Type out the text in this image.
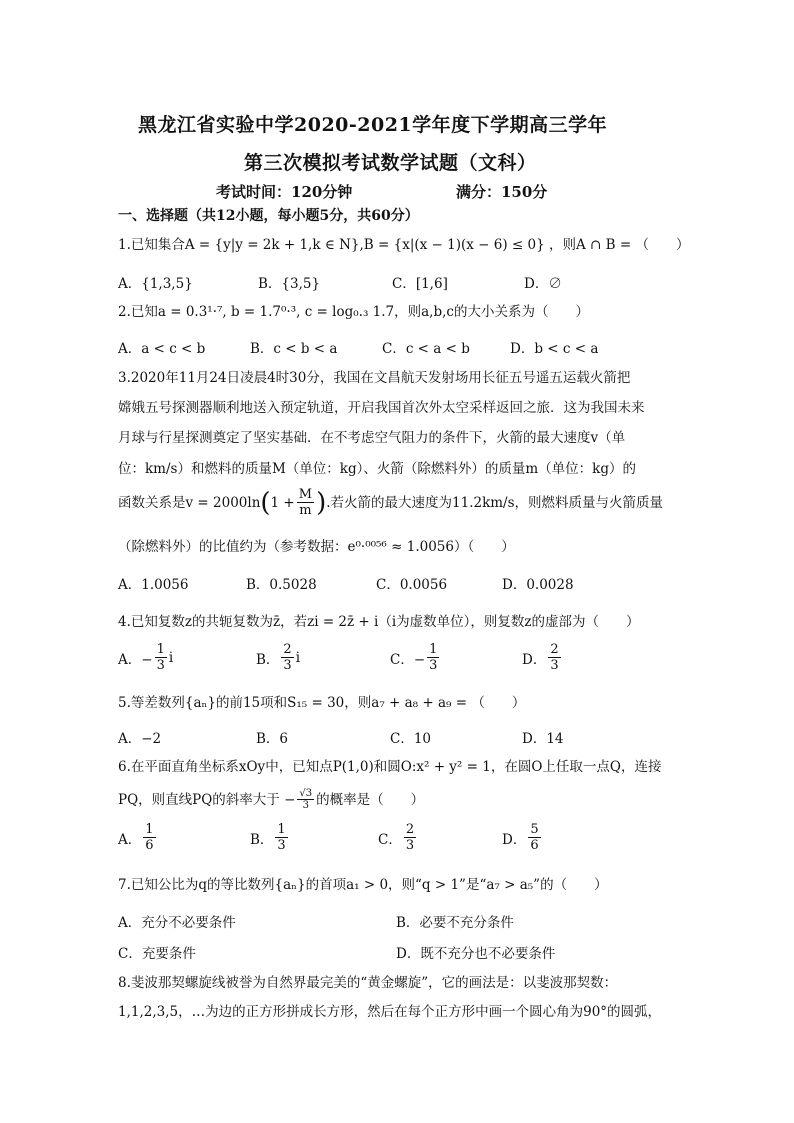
黑龙江省实验中学2020-2021学年度下学期高三学年
第三次模拟考试数学试题（文科）
考试时间：120分钟	满分：150分
一、选择题（共12小题，每小题5分，共60分）
1.已知集合A = {y|y = 2k + 1,k ∈ N},B = {x|(x − 1)(x − 6) ≤ 0} ，则A ∩ B = （　　）
A．{1,3,5}	B．{3,5}	C．[1,6]	D．∅
2.已知a = 0.3¹·⁷, b = 1.7⁰·³, c = log₀.₃ 1.7，则a,b,c的大小关系为（　　）
A．a < c < b	B．c < b < a	C．c < a < b	D．b < c < a
3.2020年11月24日凌晨4时30分，我国在文昌航天发射场用长征五号遥五运载火箭把
嫦娥五号探测器顺利地送入预定轨道，开启我国首次外太空采样返回之旅．这为我国未来
月球与行星探测奠定了坚实基础．在不考虑空气阻力的条件下，火箭的最大速度v（单
位：km/s）和燃料的质量M（单位：kg）、火箭（除燃料外）的质量m（单位：kg）的
函数关系是v = 2000ln ( $1 + \frac{M}{m}$ ) .若火箭的最大速度为11.2km/s，则燃料质量与火箭质量
（除燃料外）的比值约为（参考数据：e⁰·⁰⁰⁵⁶ ≈ 1.0056）（　　）
A．1.0056	B．0.5028	C．0.0056	D．0.0028
4.已知复数z的共轭复数为z̄，若zi = 2z̄ + i（i为虚数单位），则复数z的虚部为（　　）
A．− $\frac{1}{3}$ i	B． $\frac{2}{3}$ i	C．− $\frac{1}{3}$	D． $\frac{2}{3}$
5.等差数列{aₙ}的前15项和S₁₅ = 30，则a₇ + a₈ + a₉ = （　　）
A．−2	B．6	C．10	D．14
6.在平面直角坐标系xOy中，已知点P(1,0)和圆O:x² + y² = 1，在圆O上任取一点Q，连接
PQ，则直线PQ的斜率大于 − $\frac{√3}{3}$ 的概率是（　　）
A． $\frac{1}{6}$	B． $\frac{1}{3}$	C． $\frac{2}{3}$	D． $\frac{5}{6}$
7.已知公比为q的等比数列{aₙ}的首项a₁ > 0，则“q > 1”是“a₇ > a₅”的（　　）
A．充分不必要条件	B．必要不充分条件
C．充要条件	D．既不充分也不必要条件
8.斐波那契螺旋线被誉为自然界最完美的“黄金螺旋”，它的画法是：以斐波那契数：
1,1,2,3,5，…为边的正方形拼成长方形，然后在每个正方形中画一个圆心角为90°的圆弧，
